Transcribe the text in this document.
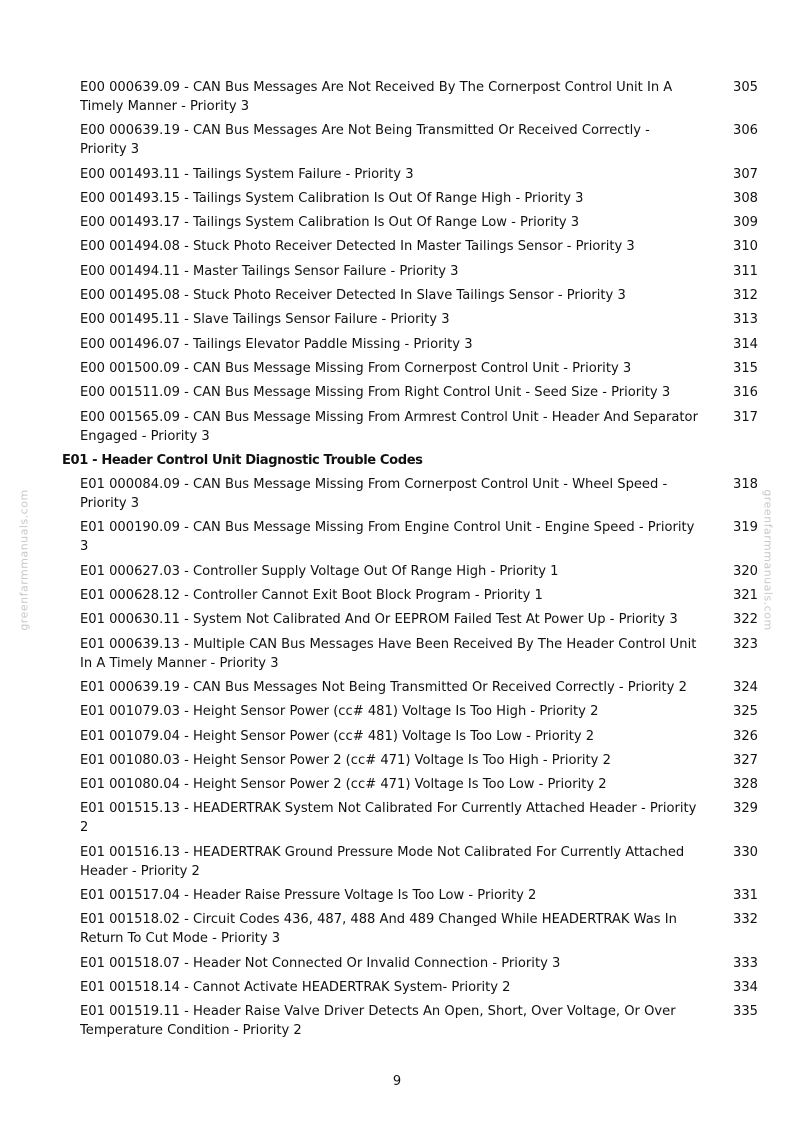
greenfarmmanuals.com	greenfarmmanuals.com
E00 000639.09 - CAN Bus Messages Are Not Received By The Cornerpost Control Unit In A Timely Manner - Priority 3
305
E00 000639.19 - CAN Bus Messages Are Not Being Transmitted Or Received Correctly - Priority 3
306
E00 001493.11 - Tailings System Failure - Priority 3	307
E00 001493.15 - Tailings System Calibration Is Out Of Range High - Priority 3	308
E00 001493.17 - Tailings System Calibration Is Out Of Range Low - Priority 3	309
E00 001494.08 - Stuck Photo Receiver Detected In Master Tailings Sensor - Priority 3	310
E00 001494.11 - Master Tailings Sensor Failure - Priority 3	311
E00 001495.08 - Stuck Photo Receiver Detected In Slave Tailings Sensor - Priority 3	312
E00 001495.11 - Slave Tailings Sensor Failure - Priority 3	313
E00 001496.07 - Tailings Elevator Paddle Missing - Priority 3	314
E00 001500.09 - CAN Bus Message Missing From Cornerpost Control Unit - Priority 3	315
E00 001511.09 - CAN Bus Message Missing From Right Control Unit - Seed Size - Priority 3	316
E00 001565.09 - CAN Bus Message Missing From Armrest Control Unit - Header And Separator Engaged - Priority 3
317
E01 - Header Control Unit Diagnostic Trouble Codes
E01 000084.09 - CAN Bus Message Missing From Cornerpost Control Unit - Wheel Speed - Priority 3
318
E01 000190.09 - CAN Bus Message Missing From Engine Control Unit - Engine Speed - Priority 3
319
E01 000627.03 - Controller Supply Voltage Out Of Range High - Priority 1	320
E01 000628.12 - Controller Cannot Exit Boot Block Program - Priority 1	321
E01 000630.11 - System Not Calibrated And Or EEPROM Failed Test At Power Up - Priority 3	322
E01 000639.13 - Multiple CAN Bus Messages Have Been Received By The Header Control Unit In A Timely Manner - Priority 3
323
E01 000639.19 - CAN Bus Messages Not Being Transmitted Or Received Correctly - Priority 2	324
E01 001079.03 - Height Sensor Power (cc# 481) Voltage Is Too High - Priority 2	325
E01 001079.04 - Height Sensor Power (cc# 481) Voltage Is Too Low - Priority 2	326
E01 001080.03 - Height Sensor Power 2 (cc# 471) Voltage Is Too High - Priority 2	327
E01 001080.04 - Height Sensor Power 2 (cc# 471) Voltage Is Too Low - Priority 2	328
E01 001515.13 - HEADERTRAK System Not Calibrated For Currently Attached Header - Priority 2
329
E01 001516.13 - HEADERTRAK Ground Pressure Mode Not Calibrated For Currently Attached Header - Priority 2
330
E01 001517.04 - Header Raise Pressure Voltage Is Too Low - Priority 2	331
E01 001518.02 - Circuit Codes 436, 487, 488 And 489 Changed While HEADERTRAK Was In Return To Cut Mode - Priority 3
332
E01 001518.07 - Header Not Connected Or Invalid Connection - Priority 3	333
E01 001518.14 - Cannot Activate HEADERTRAK System- Priority 2	334
E01 001519.11 - Header Raise Valve Driver Detects An Open, Short, Over Voltage, Or Over Temperature Condition - Priority 2
335
9
